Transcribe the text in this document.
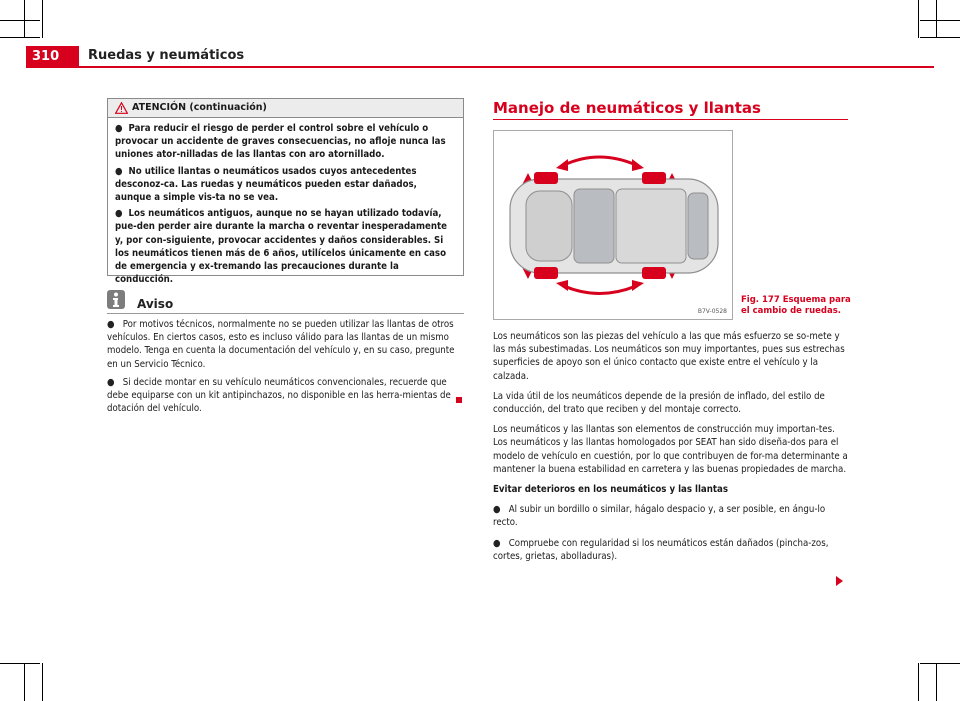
310	Ruedas y neumáticos
ATENCIÓN (continuación)
●  Para reducir el riesgo de perder el control sobre el vehículo o provocar un accidente de graves consecuencias, no afloje nunca las uniones ator-nilladas de las llantas con aro atornillado.
●  No utilice llantas o neumáticos usados cuyos antecedentes desconoz-ca. Las ruedas y neumáticos pueden estar dañados, aunque a simple vis-ta no se vea.
●  Los neumáticos antiguos, aunque no se hayan utilizado todavía, pue-den perder aire durante la marcha o reventar inesperadamente y, por con-siguiente, provocar accidentes y daños considerables. Si los neumáticos tienen más de 6 años, utilícelos únicamente en caso de emergencia y ex-tremando las precauciones durante la conducción.
Aviso
●   Por motivos técnicos, normalmente no se pueden utilizar las llantas de otros vehículos. En ciertos casos, esto es incluso válido para las llantas de un mismo modelo. Tenga en cuenta la documentación del vehículo y, en su caso, pregunte en un Servicio Técnico.
●   Si decide montar en su vehículo neumáticos convencionales, recuerde que debe equiparse con un kit antipinchazos, no disponible en las herra-mientas de dotación del vehículo.
Manejo de neumáticos y llantas
B7V-0528
Fig. 177 Esquema para el cambio de ruedas.

Los neumáticos son las piezas del vehículo a las que más esfuerzo se so-mete y las más subestimadas. Los neumáticos son muy importantes, pues sus estrechas superficies de apoyo son el único contacto que existe entre el vehículo y la calzada.

La vida útil de los neumáticos depende de la presión de inflado, del estilo de conducción, del trato que reciben y del montaje correcto.

Los neumáticos y las llantas son elementos de construcción muy importan-tes. Los neumáticos y las llantas homologados por SEAT han sido diseña-dos para el modelo de vehículo en cuestión, por lo que contribuyen de for-ma determinante a mantener la buena estabilidad en carretera y las buenas propiedades de marcha.

Evitar deterioros en los neumáticos y las llantas

●   Al subir un bordillo o similar, hágalo despacio y, a ser posible, en ángu-lo recto.

●   Compruebe con regularidad si los neumáticos están dañados (pincha-zos, cortes, grietas, abolladuras).
